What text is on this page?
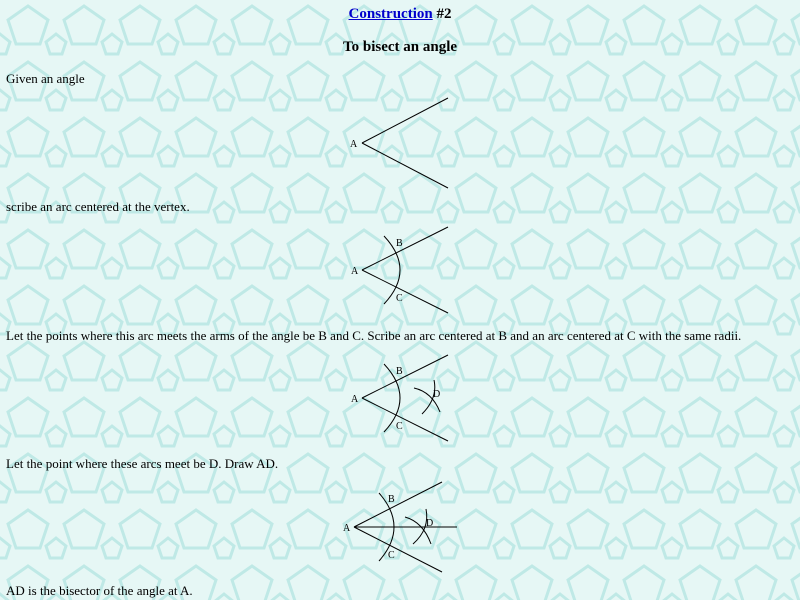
Construction #2
To bisect an angle
Given an angle
A
scribe an arc centered at the vertex.
A
B
C
Let the points where this arc meets the arms of the angle be B and C. Scribe an arc centered at B and an arc centered at C with the same radii.
A
B
C
D
Let the point where these arcs meet be D. Draw AD.
A
B
C
D
AD is the bisector of the angle at A.
